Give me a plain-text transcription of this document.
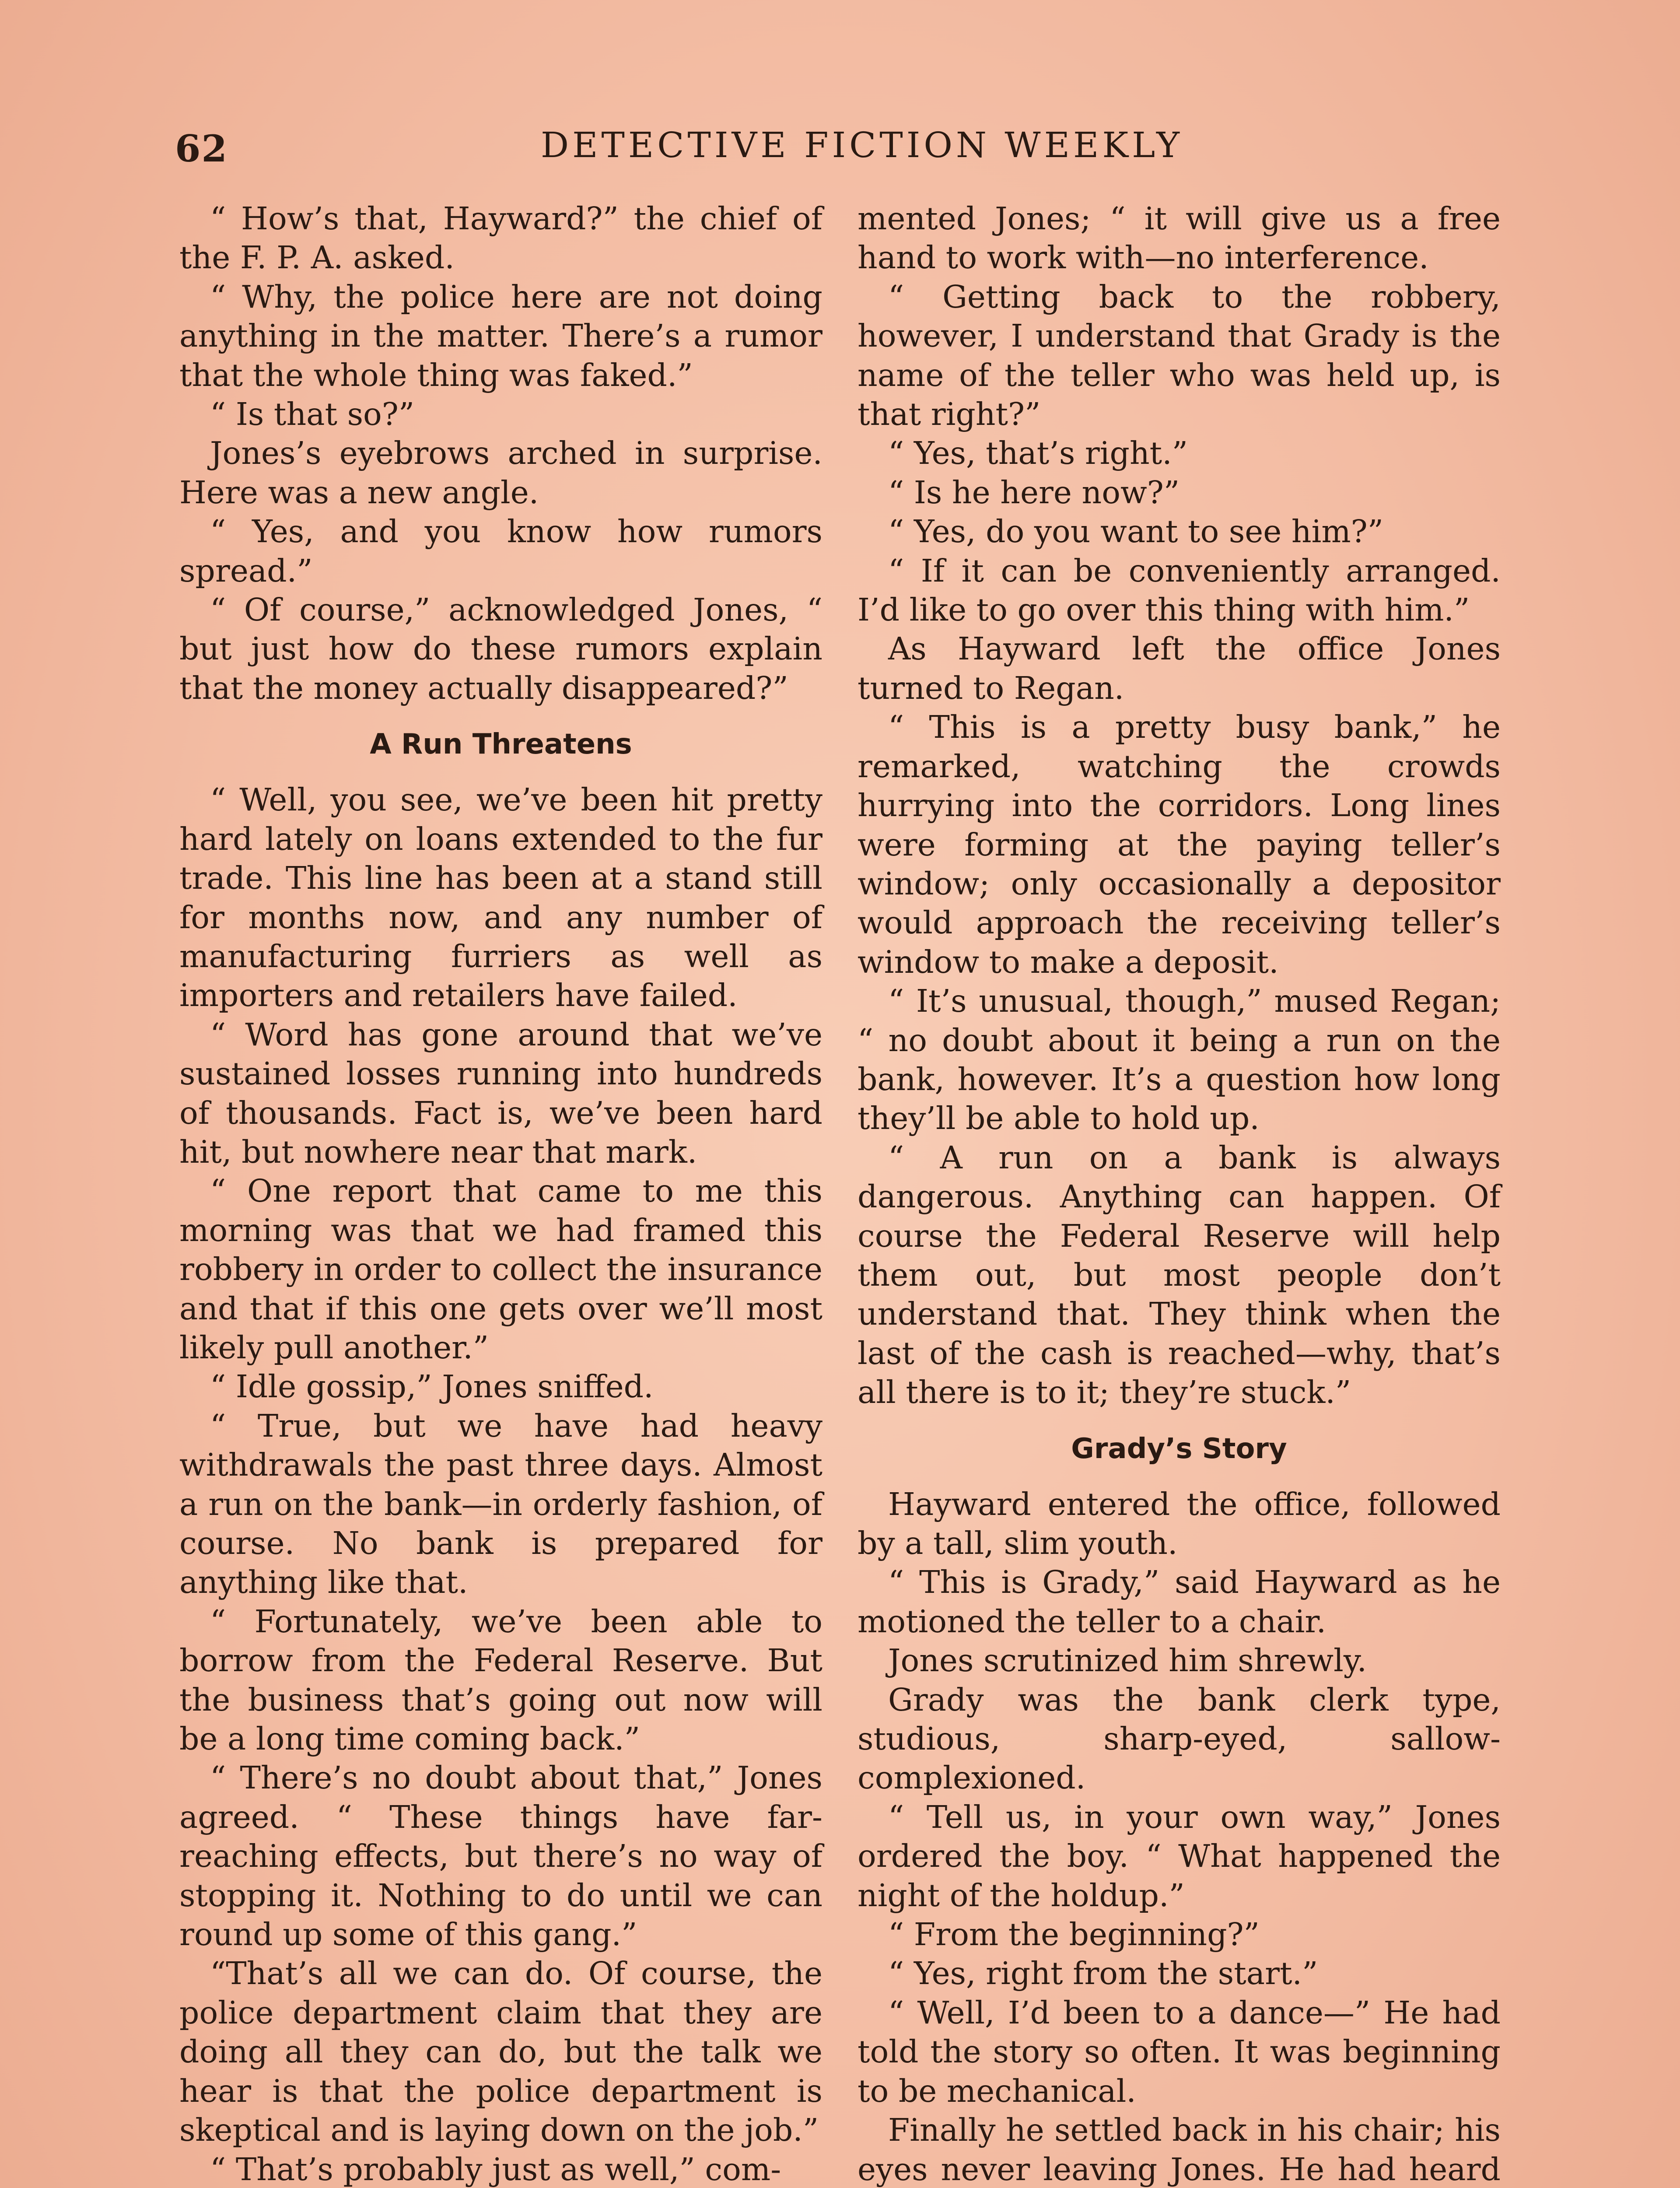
62	DETECTIVE FICTION WEEKLY

“ How’s that, Hayward?” the chief of the F. P. A. asked.

“ Why, the police here are not doing anything in the matter. There’s a rumor that the whole thing was faked.”

“ Is that so?”

Jones’s eyebrows arched in surprise. Here was a new angle.

“ Yes, and you know how rumors spread.”

“ Of course,” acknowledged Jones, “ but just how do these rumors explain that the money actually disappeared?”

A Run Threatens

“ Well, you see, we’ve been hit pretty hard lately on loans extended to the fur trade. This line has been at a stand still for months now, and any number of manufacturing furriers as well as importers and retailers have failed.

“ Word has gone around that we’ve sustained losses running into hundreds of thousands. Fact is, we’ve been hard hit, but nowhere near that mark.

“ One report that came to me this morning was that we had framed this robbery in order to collect the insurance and that if this one gets over we’ll most likely pull another.”

“ Idle gossip,” Jones sniffed.

“ True, but we have had heavy withdrawals the past three days. Almost a run on the bank—in orderly fashion, of course. No bank is prepared for anything like that.

“ Fortunately, we’ve been able to borrow from the Federal Reserve. But the business that’s going out now will be a long time coming back.”

“ There’s no doubt about that,” Jones agreed. “ These things have far-reaching effects, but there’s no way of stopping it. Nothing to do until we can round up some of this gang.”

“That’s all we can do. Of course, the police department claim that they are doing all they can do, but the talk we hear is that the police department is skeptical and is laying down on the job.”

“ That’s probably just as well,” com-

mented Jones; “ it will give us a free hand to work with—no interference.

“ Getting back to the robbery, however, I understand that Grady is the name of the teller who was held up, is that right?”

“ Yes, that’s right.”

“ Is he here now?”

“ Yes, do you want to see him?”

“ If it can be conveniently arranged. I’d like to go over this thing with him.”

As Hayward left the office Jones turned to Regan.

“ This is a pretty busy bank,” he remarked, watching the crowds hurrying into the corridors. Long lines were forming at the paying teller’s window; only occasionally a depositor would approach the receiving teller’s window to make a deposit.

“ It’s unusual, though,” mused Regan; “ no doubt about it being a run on the bank, however. It’s a question how long they’ll be able to hold up.

“ A run on a bank is always dangerous. Anything can happen. Of course the Federal Reserve will help them out, but most people don’t understand that. They think when the last of the cash is reached—why, that’s all there is to it; they’re stuck.”

Grady’s Story

Hayward entered the office, followed by a tall, slim youth.

“ This is Grady,” said Hayward as he motioned the teller to a chair.

Jones scrutinized him shrewly.

Grady was the bank clerk type, studious, sharp-eyed, sallow-complexioned.

“ Tell us, in your own way,” Jones ordered the boy. “ What happened the night of the holdup.”

“ From the beginning?”

“ Yes, right from the start.”

“ Well, I’d been to a dance—” He had told the story so often. It was beginning to be mechanical.

Finally he settled back in his chair; his eyes never leaving Jones. He had heard
